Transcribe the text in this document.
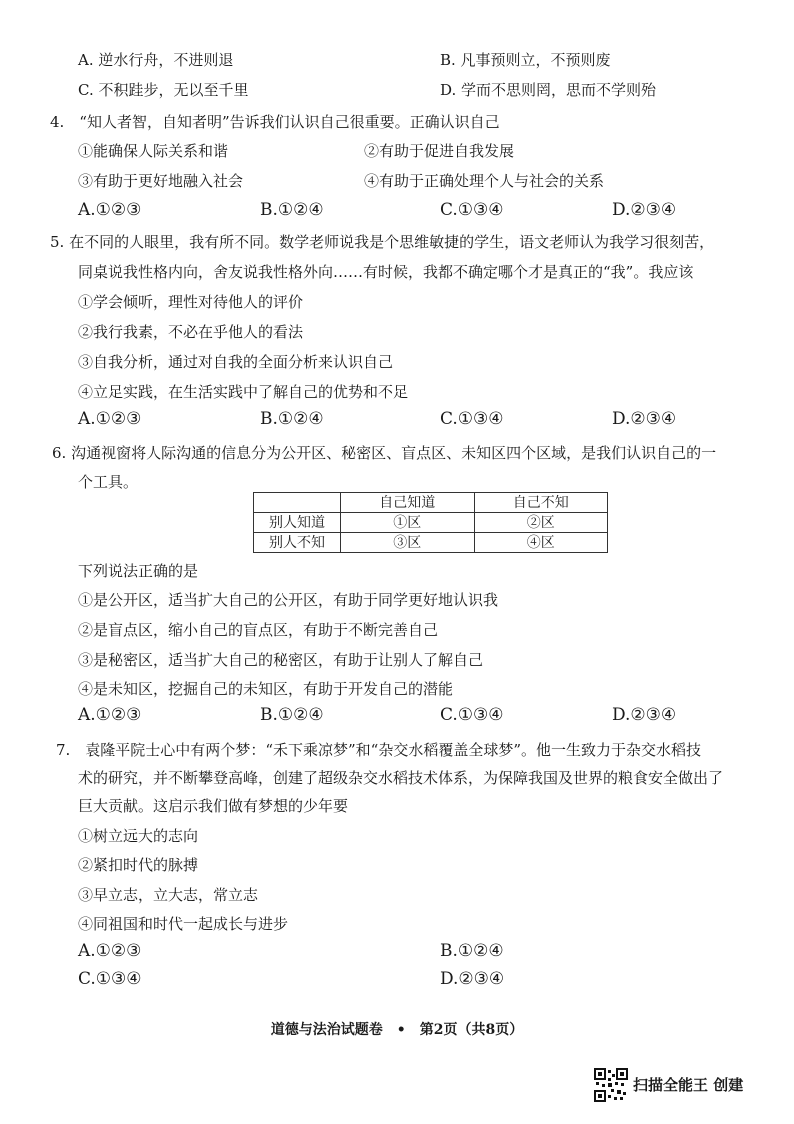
A. 逆水行舟，不进则退	B. 凡事预则立，不预则废
C. 不积跬步，无以至千里	D. 学而不思则罔，思而不学则殆
4.　“知人者智，自知者明”告诉我们认识自己很重要。正确认识自己
①能确保人际关系和谐	②有助于促进自我发展
③有助于更好地融入社会	④有助于正确处理个人与社会的关系
A.①②③	B.①②④	C.①③④	D.②③④
5. 在不同的人眼里，我有所不同。数学老师说我是个思维敏捷的学生，语文老师认为我学习很刻苦，
同桌说我性格内向，舍友说我性格外向……有时候，我都不确定哪个才是真正的“我”。我应该
①学会倾听，理性对待他人的评价
②我行我素，不必在乎他人的看法
③自我分析，通过对自我的全面分析来认识自己
④立足实践，在生活实践中了解自己的优势和不足
A.①②③	B.①②④	C.①③④	D.②③④
6. 沟通视窗将人际沟通的信息分为公开区、秘密区、盲点区、未知区四个区域，是我们认识自己的一
个工具。
	自己知道	自己不知
别人知道	①区	②区
别人不知	③区	④区
下列说法正确的是
①是公开区，适当扩大自己的公开区，有助于同学更好地认识我
②是盲点区，缩小自己的盲点区，有助于不断完善自己
③是秘密区，适当扩大自己的秘密区，有助于让别人了解自己
④是未知区，挖掘自己的未知区，有助于开发自己的潜能
A.①②③	B.①②④	C.①③④	D.②③④
7.　袁隆平院士心中有两个梦：“禾下乘凉梦”和“杂交水稻覆盖全球梦”。他一生致力于杂交水稻技
术的研究，并不断攀登高峰，创建了超级杂交水稻技术体系，为保障我国及世界的粮食安全做出了
巨大贡献。这启示我们做有梦想的少年要
①树立远大的志向
②紧扣时代的脉搏
③早立志，立大志，常立志
④同祖国和时代一起成长与进步
A.①②③	B.①②④
C.①③④	D.②③④
道德与法治试题卷　•　第2页（共8页）
扫描全能王 创建
